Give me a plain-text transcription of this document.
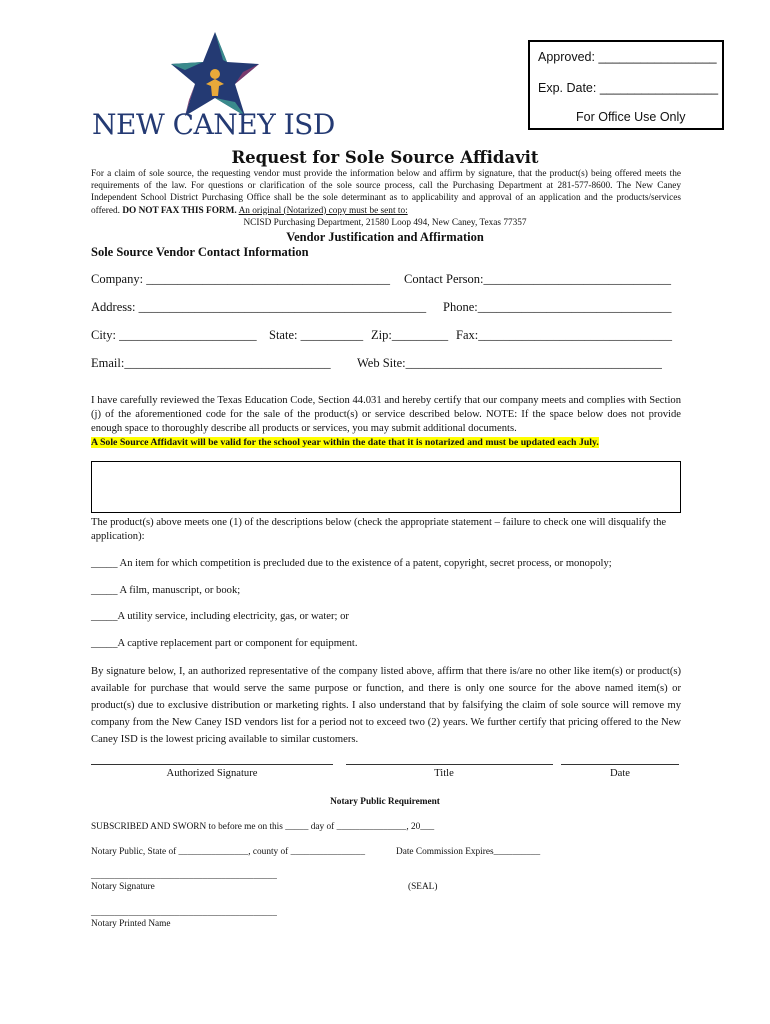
NEW CANEY ISD
Approved: _________________
Exp. Date: _________________
For Office Use Only
Request for Sole Source Affidavit
For a claim of sole source, the requesting vendor must provide the information below and affirm by signature, that the product(s) being offered meets the requirements of the law. For questions or clarification of the sole source process, call the Purchasing Department at 281-577-8600. The New Caney Independent School District Purchasing Office shall be the sole determinant as to applicability and approval of an application and the products/services offered. DO NOT FAX THIS FORM. An original (Notarized) copy must be sent to:
NCISD Purchasing Department, 21580 Loop 494, New Caney, Texas 77357
Vendor Justification and Affirmation
Sole Source Vendor Contact Information
Company: _______________________________________ Contact Person:______________________________
Address: ______________________________________________ Phone:_______________________________
City: ______________________ State: __________ Zip:_________ Fax:_______________________________
Email:_________________________________ Web Site:_________________________________________
I have carefully reviewed the Texas Education Code, Section 44.031 and hereby certify that our company meets and complies with Section (j) of the aforementioned code for the sale of the product(s) or service described below. NOTE: If the space below does not provide enough space to thoroughly describe all products or services, you may submit additional documents.
A Sole Source Affidavit will be valid for the school year within the date that it is notarized and must be updated each July.
The product(s) above meets one (1) of the descriptions below (check the appropriate statement – failure to check one will disqualify the application):
_____ An item for which competition is precluded due to the existence of a patent, copyright, secret process, or monopoly;
_____ A film, manuscript, or book;
_____A utility service, including electricity, gas, or water; or
_____A captive replacement part or component for equipment.
By signature below, I, an authorized representative of the company listed above, affirm that there is/are no other like item(s) or product(s) available for purchase that would serve the same purpose or function, and there is only one source for the above named item(s) or product(s) due to exclusive distribution or marketing rights. I also understand that by falsifying the claim of sole source will remove my company from the New Caney ISD vendors list for a period not to exceed two (2) years. We further certify that pricing offered to the New Caney ISD is the lowest pricing available to similar customers.
Authorized Signature	Title	Date
Notary Public Requirement
SUBSCRIBED AND SWORN to before me on this _____ day of _______________, 20___
Notary Public, State of _______________, county of ________________	Date Commission Expires__________
________________________________________
Notary Signature	(SEAL)
________________________________________
Notary Printed Name
